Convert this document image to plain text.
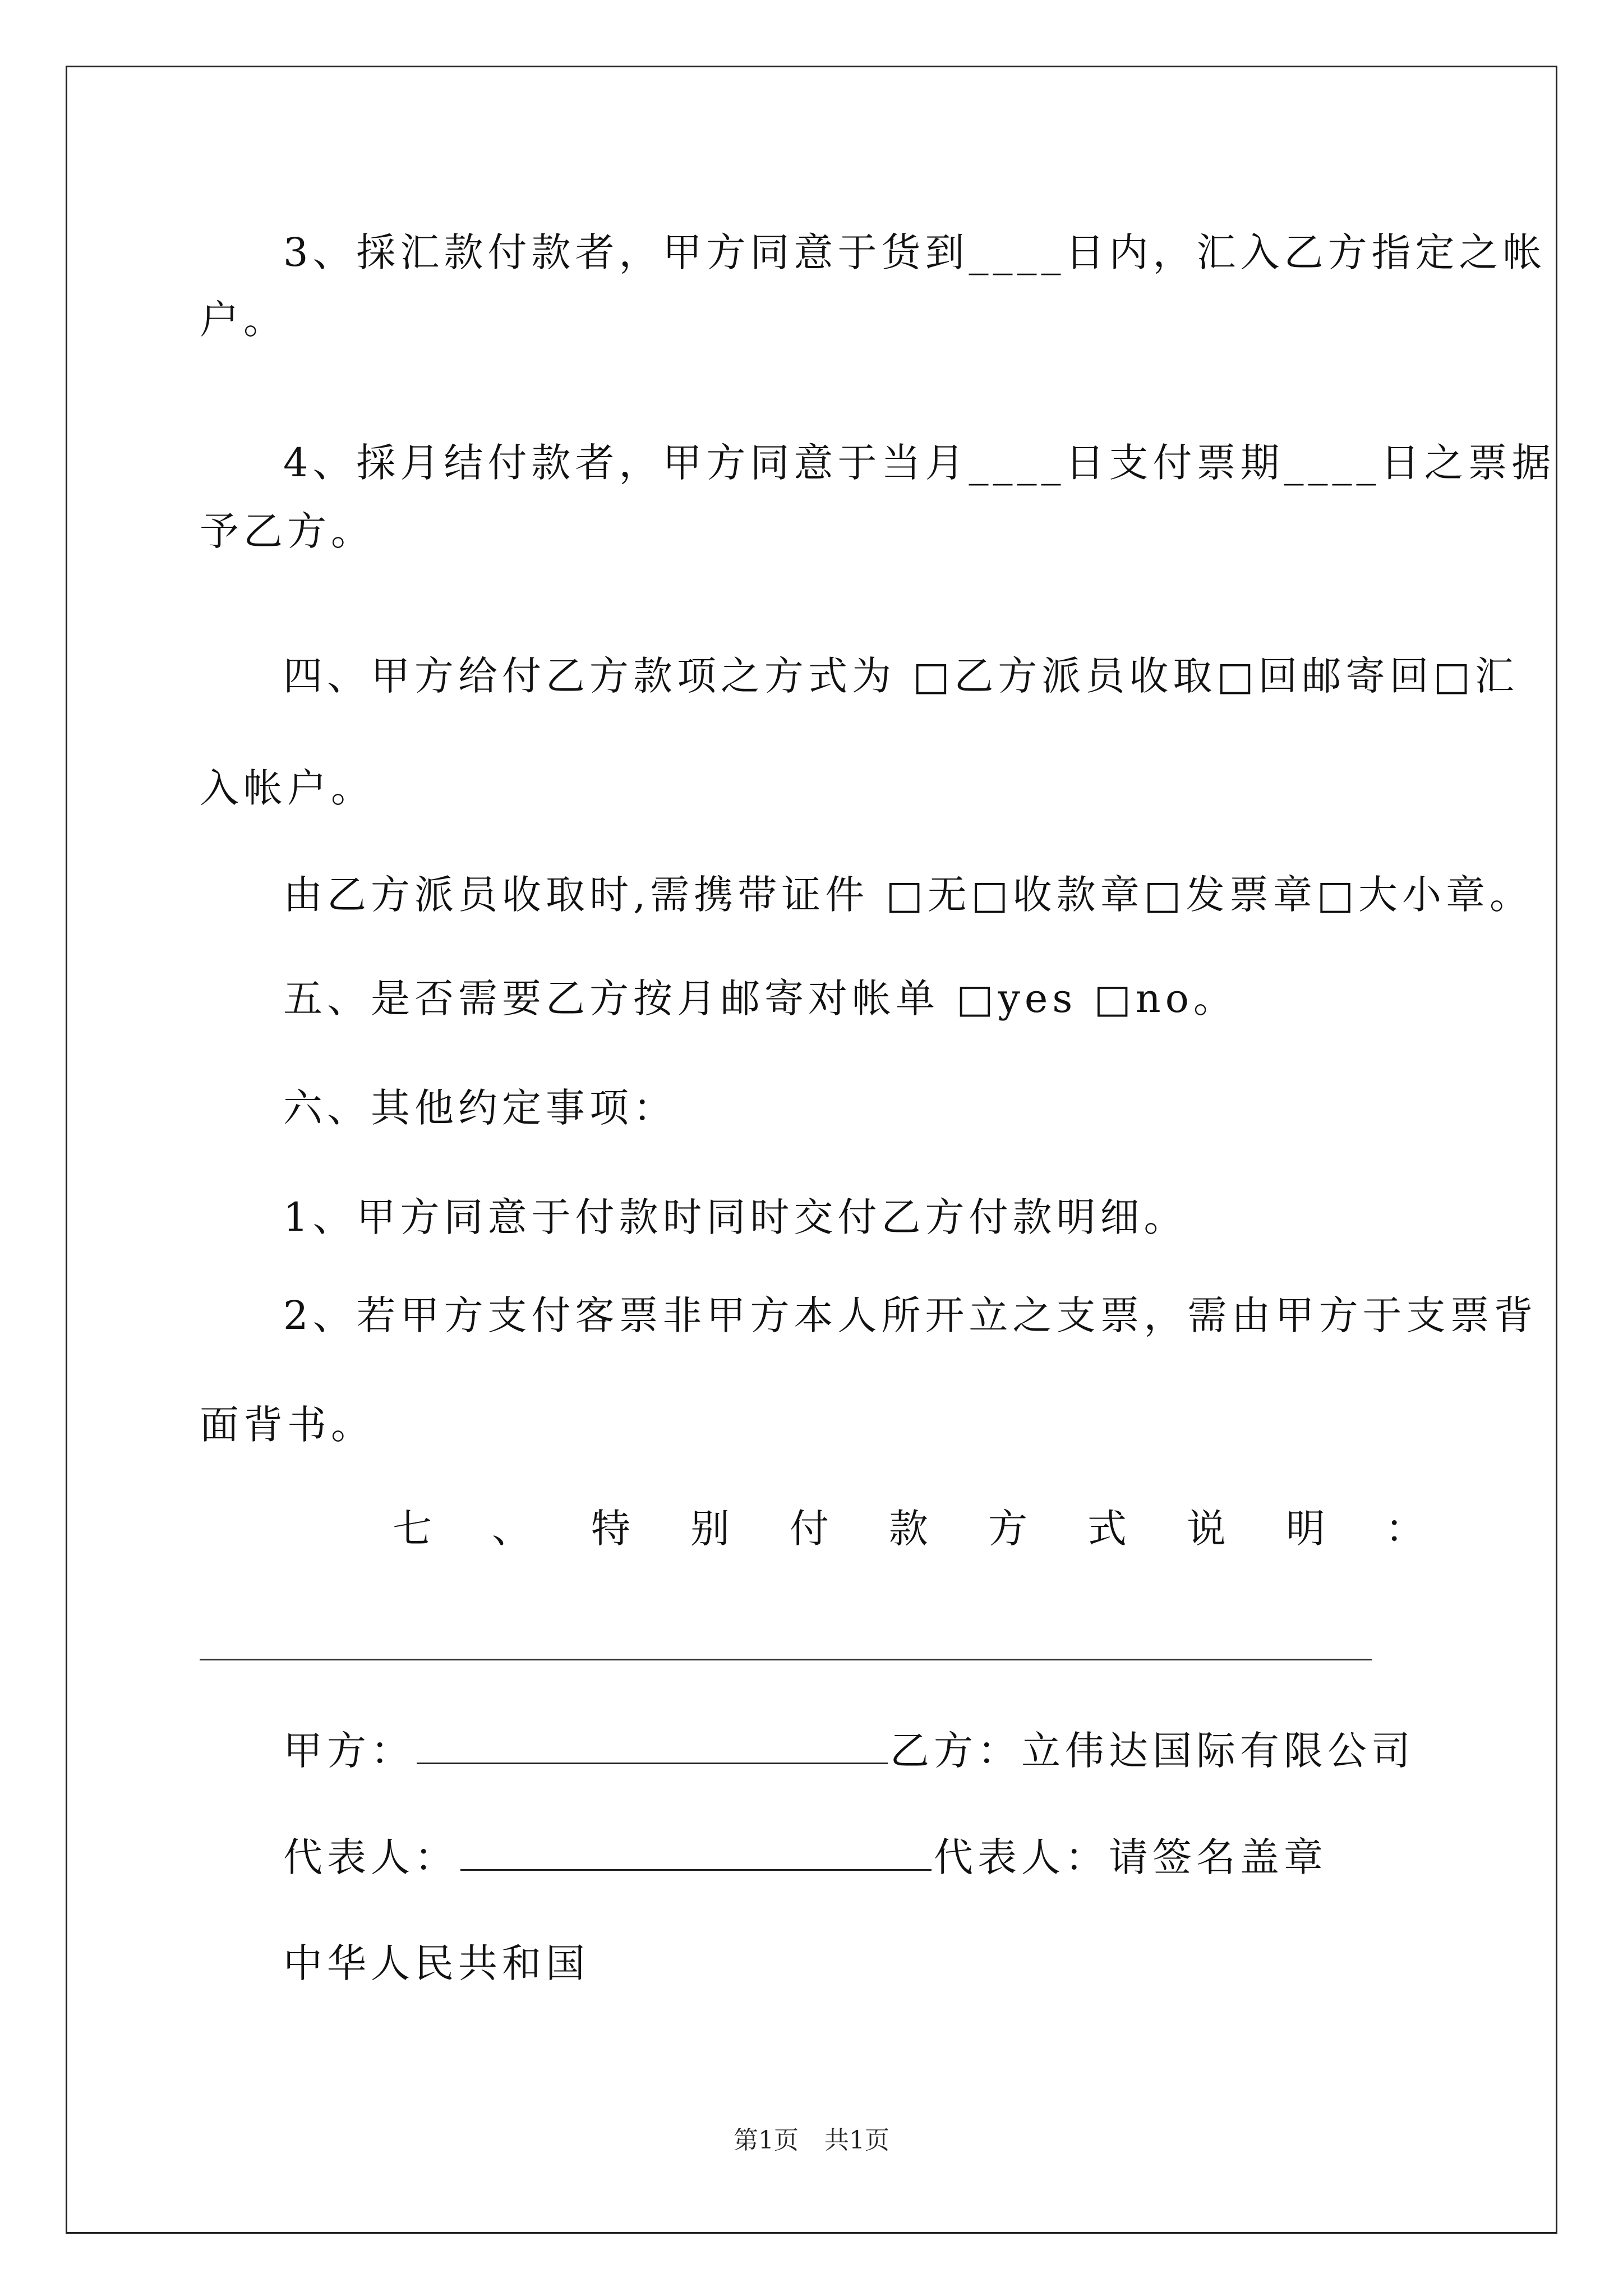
3、採汇款付款者，甲方同意于货到____日内，汇入乙方指定之帐
户。
4、採月结付款者，甲方同意于当月____日支付票期____日之票据
予乙方。
四、甲方给付乙方款项之方式为 □乙方派员收取□回邮寄回□汇
入帐户。
由乙方派员收取时,需携带证件 □无□收款章□发票章□大小章。
五、是否需要乙方按月邮寄对帐单 □yes □no。
六、其他约定事项：
1、甲方同意于付款时同时交付乙方付款明细。
2、若甲方支付客票非甲方本人所开立之支票，需由甲方于支票背
面背书。
七 、 特 别 付 款 方 式 说 明 ：
甲方：	乙方：立伟达国际有限公司
代表人：	代表人：请签名盖章
中华人民共和国
第1页 共1页
